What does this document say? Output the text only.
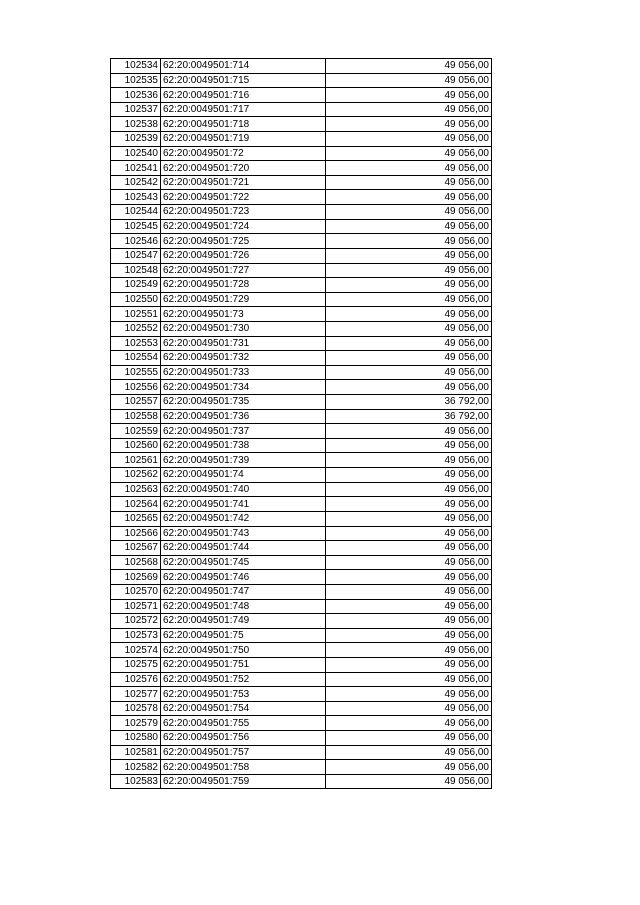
102534	62:20:0049501:714	49 056,00
102535	62:20:0049501:715	49 056,00
102536	62:20:0049501:716	49 056,00
102537	62:20:0049501:717	49 056,00
102538	62:20:0049501:718	49 056,00
102539	62:20:0049501:719	49 056,00
102540	62:20:0049501:72	49 056,00
102541	62:20:0049501:720	49 056,00
102542	62:20:0049501:721	49 056,00
102543	62:20:0049501:722	49 056,00
102544	62:20:0049501:723	49 056,00
102545	62:20:0049501:724	49 056,00
102546	62:20:0049501:725	49 056,00
102547	62:20:0049501:726	49 056,00
102548	62:20:0049501:727	49 056,00
102549	62:20:0049501:728	49 056,00
102550	62:20:0049501:729	49 056,00
102551	62:20:0049501:73	49 056,00
102552	62:20:0049501:730	49 056,00
102553	62:20:0049501:731	49 056,00
102554	62:20:0049501:732	49 056,00
102555	62:20:0049501:733	49 056,00
102556	62:20:0049501:734	49 056,00
102557	62:20:0049501:735	36 792,00
102558	62:20:0049501:736	36 792,00
102559	62:20:0049501:737	49 056,00
102560	62:20:0049501:738	49 056,00
102561	62:20:0049501:739	49 056,00
102562	62:20:0049501:74	49 056,00
102563	62:20:0049501:740	49 056,00
102564	62:20:0049501:741	49 056,00
102565	62:20:0049501:742	49 056,00
102566	62:20:0049501:743	49 056,00
102567	62:20:0049501:744	49 056,00
102568	62:20:0049501:745	49 056,00
102569	62:20:0049501:746	49 056,00
102570	62:20:0049501:747	49 056,00
102571	62:20:0049501:748	49 056,00
102572	62:20:0049501:749	49 056,00
102573	62:20:0049501:75	49 056,00
102574	62:20:0049501:750	49 056,00
102575	62:20:0049501:751	49 056,00
102576	62:20:0049501:752	49 056,00
102577	62:20:0049501:753	49 056,00
102578	62:20:0049501:754	49 056,00
102579	62:20:0049501:755	49 056,00
102580	62:20:0049501:756	49 056,00
102581	62:20:0049501:757	49 056,00
102582	62:20:0049501:758	49 056,00
102583	62:20:0049501:759	49 056,00
